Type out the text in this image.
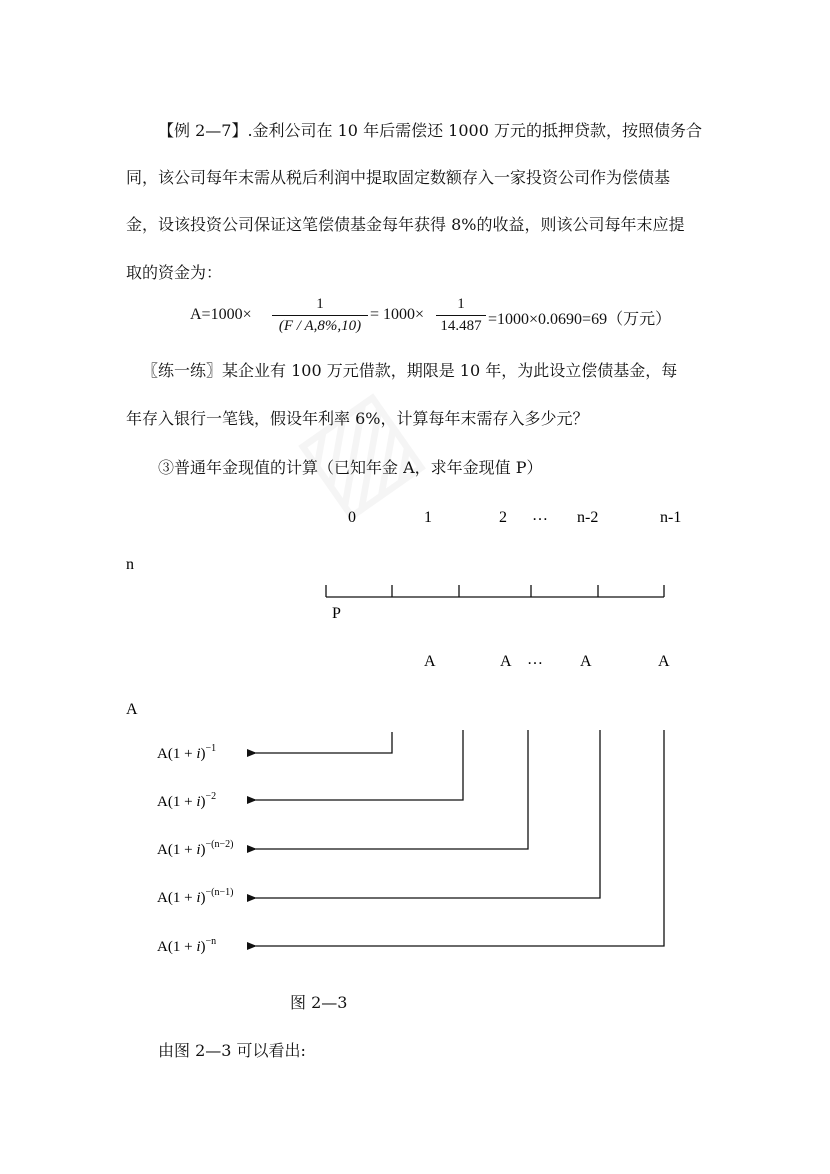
【例 2—7】.金利公司在 10 年后需偿还 1000 万元的抵押贷款，按照债务合
同，该公司每年末需从税后利润中提取固定数额存入一家投资公司作为偿债基
金，设该投资公司保证这笔偿债基金每年获得 8%的收益，则该公司每年末应提
取的资金为：
A=1000×
1
(F / A,8%,10)
= 1000×
1
14.487 =1000×0.0690=69（万元）
〖练一练〗某企业有 100 万元借款，期限是 10 年，为此设立偿债基金，每
年存入银行一笔钱，假设年利率 6%，计算每年末需存入多少元？
③普通年金现值的计算（已知年金 A，求年金现值 P）
0	1	2 … n-2	n-1
n
P
A	A … A	A
A
$A(1 + i)^{-1}$
$A(1 + i)^{-2}$
$A(1 + i)^{-(n-2)}$
$A(1 + i)^{-(n-1)}$
$A(1 + i)^{-n}$
图 2—3
由图 2—3 可以看出:
